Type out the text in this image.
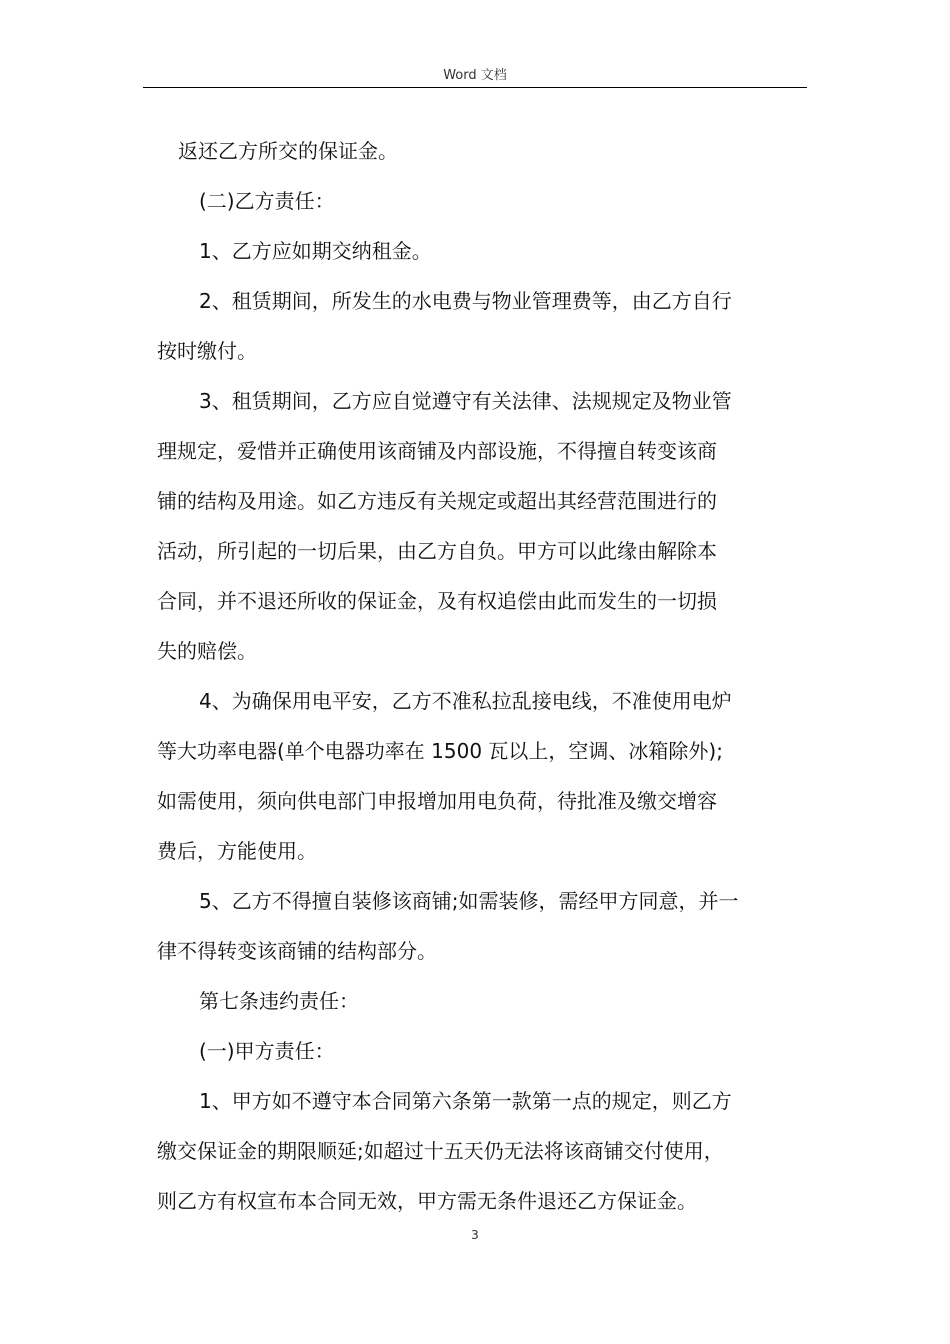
Word 文档
返还乙方所交的保证金。
(二)乙方责任：
1、乙方应如期交纳租金。
2、租赁期间，所发生的水电费与物业管理费等，由乙方自行
按时缴付。
3、租赁期间，乙方应自觉遵守有关法律、法规规定及物业管
理规定，爱惜并正确使用该商铺及内部设施，不得擅自转变该商
铺的结构及用途。如乙方违反有关规定或超出其经营范围进行的
活动，所引起的一切后果，由乙方自负。甲方可以此缘由解除本
合同，并不退还所收的保证金，及有权追偿由此而发生的一切损
失的赔偿。
4、为确保用电平安，乙方不准私拉乱接电线，不准使用电炉
等大功率电器(单个电器功率在 1500 瓦以上，空调、冰箱除外);
如需使用，须向供电部门申报增加用电负荷，待批准及缴交增容
费后，方能使用。
5、乙方不得擅自装修该商铺;如需装修，需经甲方同意，并一
律不得转变该商铺的结构部分。
第七条违约责任：
(一)甲方责任：
1、甲方如不遵守本合同第六条第一款第一点的规定，则乙方
缴交保证金的期限顺延;如超过十五天仍无法将该商铺交付使用，
则乙方有权宣布本合同无效，甲方需无条件退还乙方保证金。
3
